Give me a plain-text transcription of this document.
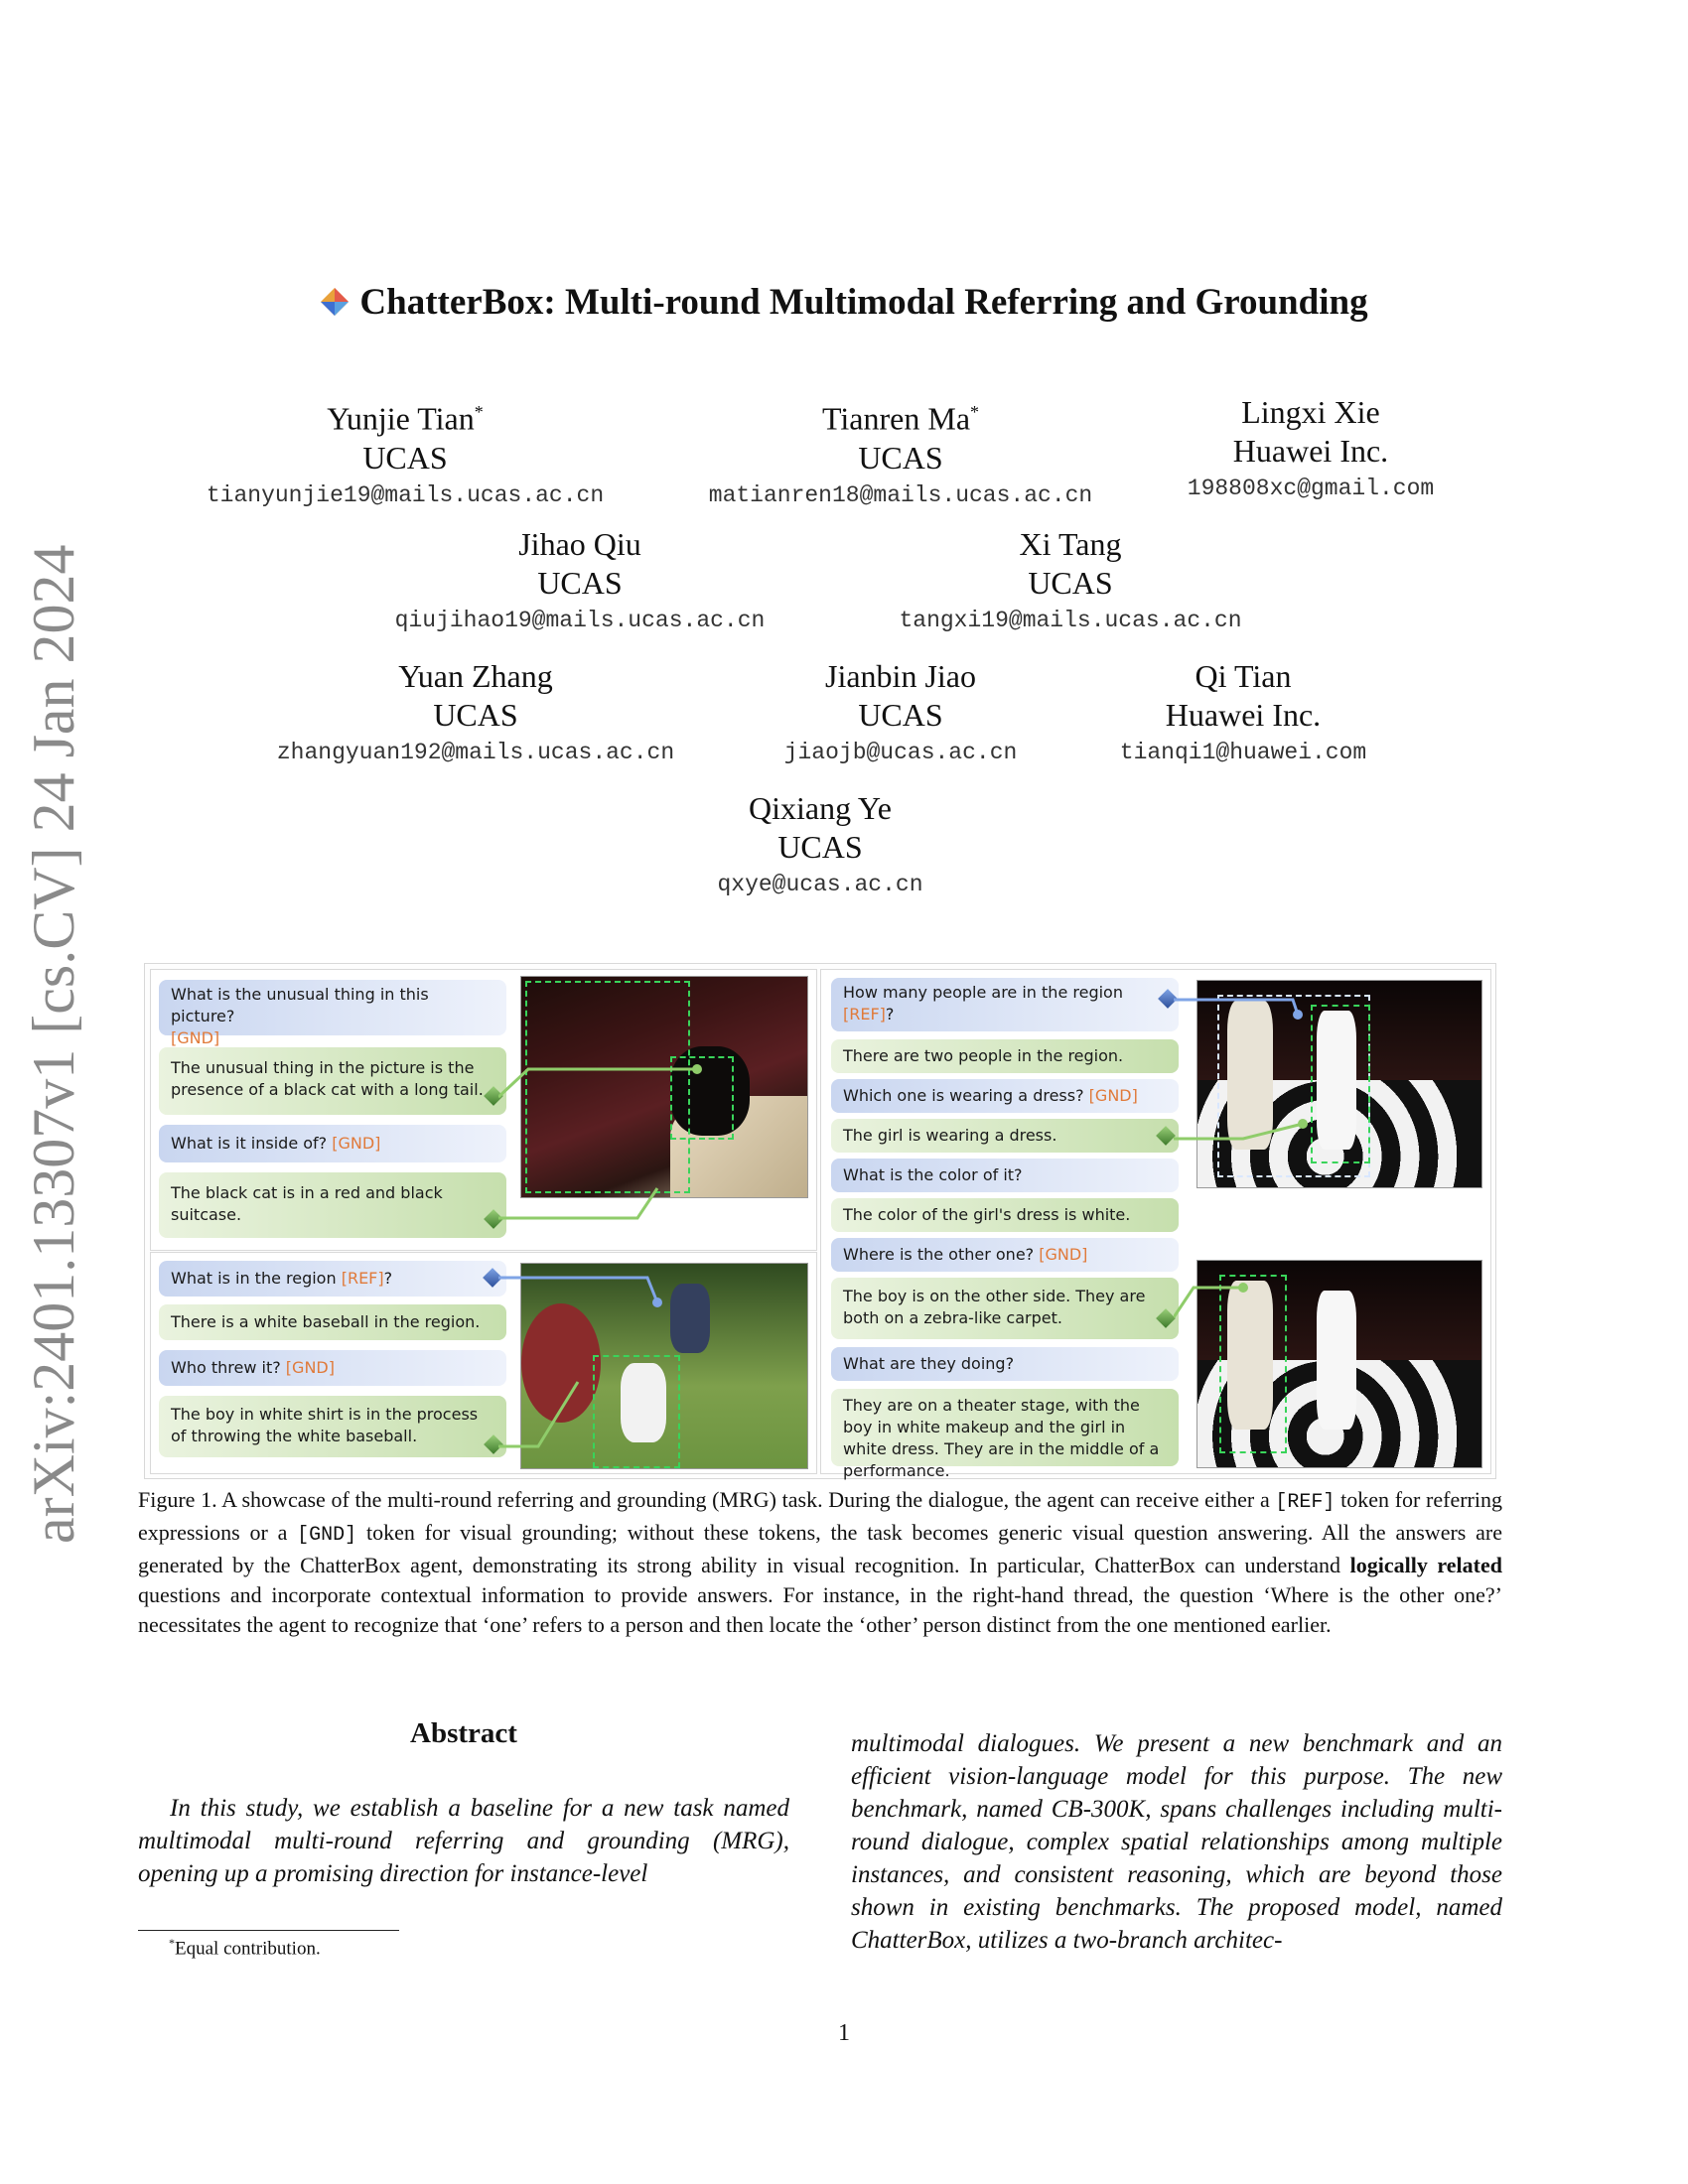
arXiv:2401.13307v1 [cs.CV] 24 Jan 2024
ChatterBox: Multi-round Multimodal Referring and Grounding
Yunjie Tian*
UCAS
tianyunjie19@mails.ucas.ac.cn
Tianren Ma*
UCAS
matianren18@mails.ucas.ac.cn
Lingxi Xie
Huawei Inc.
198808xc@gmail.com
Jihao Qiu
UCAS
qiujihao19@mails.ucas.ac.cn
Xi Tang
UCAS
tangxi19@mails.ucas.ac.cn
Yuan Zhang
UCAS
zhangyuan192@mails.ucas.ac.cn
Jianbin Jiao
UCAS
jiaojb@ucas.ac.cn
Qi Tian
Huawei Inc.
tianqi1@huawei.com
Qixiang Ye
UCAS
qxye@ucas.ac.cn
What is the unusual thing in this picture?
[GND]
The unusual thing in the picture is the presence of a black cat with a long tail.
What is it inside of? [GND]
The black cat is in a red and black suitcase.
What is in the region [REF]?
There is a white baseball in the region.
Who threw it? [GND]
The boy in white shirt is in the process of throwing the white baseball.
How many people are in the region
[REF]?
There are two people in the region.
Which one is wearing a dress? [GND]
The girl is wearing a dress.
What is the color of it?
The color of the girl's dress is white.
Where is the other one? [GND]
The boy is on the other side. They are both on a zebra-like carpet.
What are they doing?
They are on a theater stage, with the boy in white makeup and the girl in white dress. They are in the middle of a performance.
Figure 1. A showcase of the multi-round referring and grounding (MRG) task. During the dialogue, the agent can receive either a [REF] token for referring expressions or a [GND] token for visual grounding; without these tokens, the task becomes generic visual question answering. All the answers are generated by the ChatterBox agent, demonstrating its strong ability in visual recognition. In particular, ChatterBox can understand logically related questions and incorporate contextual information to provide answers. For instance, in the right-hand thread, the question ‘Where is the other one?’ necessitates the agent to recognize that ‘one’ refers to a person and then locate the ‘other’ person distinct from the one mentioned earlier.
Abstract
In this study, we establish a baseline for a new task named multimodal multi-round referring and grounding (MRG), opening up a promising direction for instance-level
multimodal dialogues. We present a new benchmark and an efficient vision-language model for this purpose. The new benchmark, named CB-300K, spans challenges including multi-round dialogue, complex spatial relationships among multiple instances, and consistent reasoning, which are beyond those shown in existing benchmarks. The proposed model, named ChatterBox, utilizes a two-branch architec-
*Equal contribution.
1
